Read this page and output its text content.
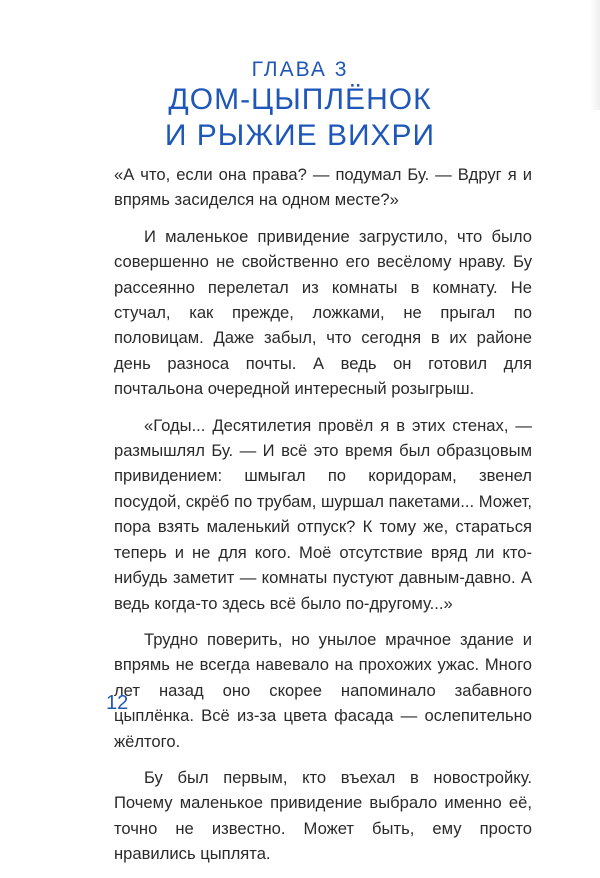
ГЛАВА 3
ДОМ-ЦЫПЛЁНОК
И РЫЖИЕ ВИХРИ

«А что, если она права? — подумал Бу. — Вдруг я и впрямь засиделся на одном месте?»

И маленькое привидение загрустило, что было совершенно не свойственно его весёлому нраву. Бу рассеянно перелетал из комнаты в комнату. Не стучал, как прежде, ложками, не прыгал по половицам. Даже забыл, что сегодня в их районе день разноса почты. А ведь он готовил для почтальона очередной интересный розыгрыш.

«Годы... Десятилетия провёл я в этих стенах, — размышлял Бу. — И всё это время был образцовым привидением: шмыгал по коридорам, звенел посудой, скрёб по трубам, шуршал пакетами... Может, пора взять маленький отпуск? К тому же, стараться теперь и не для кого. Моё отсутствие вряд ли кто-нибудь заметит — комнаты пустуют давным-давно. А ведь когда-то здесь всё было по-другому...»

Трудно поверить, но унылое мрачное здание и впрямь не всегда навевало на прохожих ужас. Много лет назад оно скорее напоминало забавного цыплёнка. Всё из-за цвета фасада — ослепительно жёлтого.

Бу был первым, кто въехал в новостройку. Почему маленькое привидение выбрало именно её, точно не известно. Может быть, ему просто нравились цыплята.

12
